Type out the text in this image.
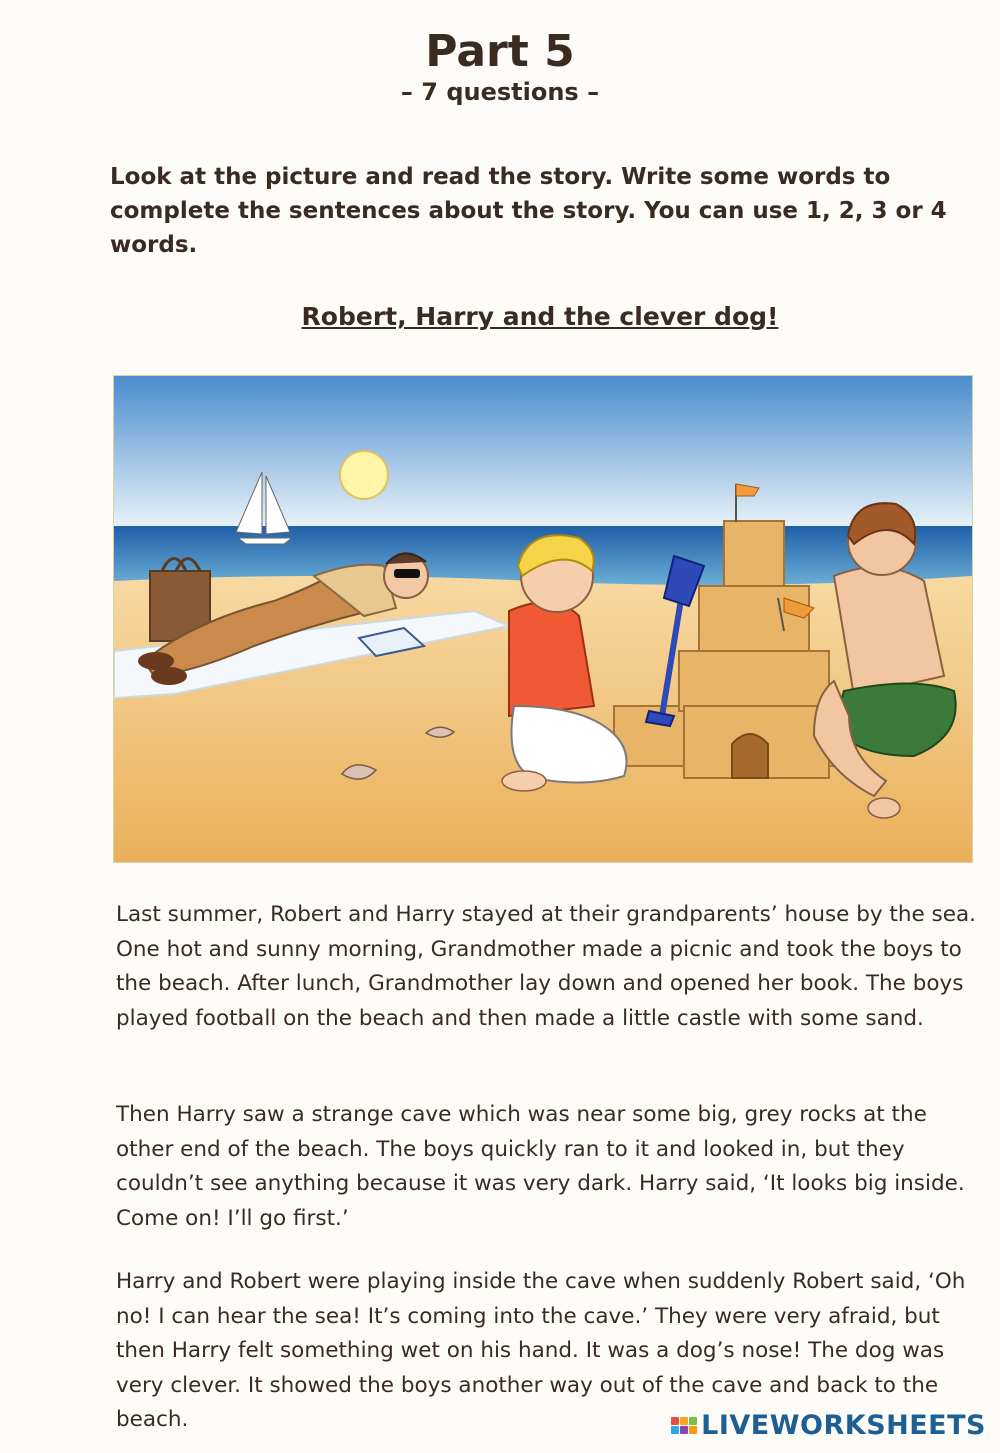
Part 5
– 7 questions –
Look at the picture and read the story. Write some words to complete the sentences about the story. You can use 1, 2, 3 or 4 words.
Robert, Harry and the clever dog!

Last summer, Robert and Harry stayed at their grandparents’ house by the sea. One hot and sunny morning, Grandmother made a picnic and took the boys to the beach. After lunch, Grandmother lay down and opened her book. The boys played football on the beach and then made a little castle with some sand.

Then Harry saw a strange cave which was near some big, grey rocks at the other end of the beach. The boys quickly ran to it and looked in, but they couldn’t see anything because it was very dark. Harry said, ‘It looks big inside. Come on! I’ll go first.’

Harry and Robert were playing inside the cave when suddenly Robert said, ‘Oh no! I can hear the sea! It’s coming into the cave.’ They were very afraid, but then Harry felt something wet on his hand. It was a dog’s nose! The dog was very clever. It showed the boys another way out of the cave and back to the beach.	LIVEWORKSHEETS
